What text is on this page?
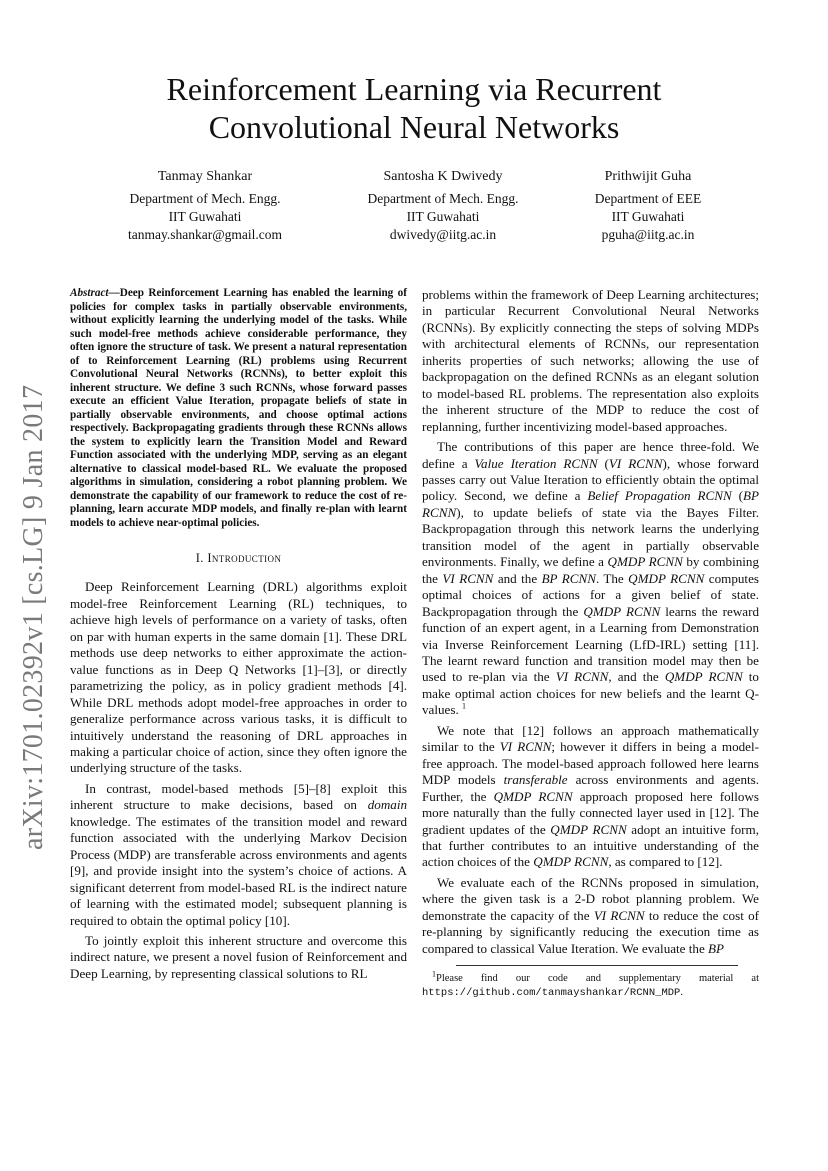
arXiv:1701.02392v1 [cs.LG] 9 Jan 2017
Reinforcement Learning via Recurrent
Convolutional Neural Networks
Tanmay Shankar
Department of Mech. Engg.
IIT Guwahati
tanmay.shankar@gmail.com
Santosha K Dwivedy
Department of Mech. Engg.
IIT Guwahati
dwivedy@iitg.ac.in
Prithwijit Guha
Department of EEE
IIT Guwahati
pguha@iitg.ac.in
Abstract—Deep Reinforcement Learning has enabled the learning of policies for complex tasks in partially observable environments, without explicitly learning the underlying model of the tasks. While such model-free methods achieve considerable performance, they often ignore the structure of task. We present a natural representation of to Reinforcement Learning (RL) problems using Recurrent Convolutional Neural Networks (RCNNs), to better exploit this inherent structure. We define 3 such RCNNs, whose forward passes execute an efficient Value Iteration, propagate beliefs of state in partially observable environments, and choose optimal actions respectively. Backpropagating gradients through these RCNNs allows the system to explicitly learn the Transition Model and Reward Function associated with the underlying MDP, serving as an elegant alternative to classical model-based RL. We evaluate the proposed algorithms in simulation, considering a robot planning problem. We demonstrate the capability of our framework to reduce the cost of re-planning, learn accurate MDP models, and finally re-plan with learnt models to achieve near-optimal policies.
I. Introduction

Deep Reinforcement Learning (DRL) algorithms exploit model-free Reinforcement Learning (RL) techniques, to achieve high levels of performance on a variety of tasks, often on par with human experts in the same domain [1]. These DRL methods use deep networks to either approximate the action-value functions as in Deep Q Networks [1]–[3], or directly parametrizing the policy, as in policy gradient methods [4]. While DRL methods adopt model-free approaches in order to generalize performance across various tasks, it is difficult to intuitively understand the reasoning of DRL approaches in making a particular choice of action, since they often ignore the underlying structure of the tasks.

In contrast, model-based methods [5]–[8] exploit this inherent structure to make decisions, based on domain knowledge. The estimates of the transition model and reward function associated with the underlying Markov Decision Process (MDP) are transferable across environments and agents [9], and provide insight into the system’s choice of actions. A significant deterrent from model-based RL is the indirect nature of learning with the estimated model; subsequent planning is required to obtain the optimal policy [10].

To jointly exploit this inherent structure and overcome this indirect nature, we present a novel fusion of Reinforcement and Deep Learning, by representing classical solutions to RL

problems within the framework of Deep Learning architectures; in particular Recurrent Convolutional Neural Networks (RCNNs). By explicitly connecting the steps of solving MDPs with architectural elements of RCNNs, our representation inherits properties of such networks; allowing the use of backpropagation on the defined RCNNs as an elegant solution to model-based RL problems. The representation also exploits the inherent structure of the MDP to reduce the cost of replanning, further incentivizing model-based approaches.

The contributions of this paper are hence three-fold. We define a Value Iteration RCNN (VI RCNN), whose forward passes carry out Value Iteration to efficiently obtain the optimal policy. Second, we define a Belief Propagation RCNN (BP RCNN), to update beliefs of state via the Bayes Filter. Backpropagation through this network learns the underlying transition model of the agent in partially observable environments. Finally, we define a QMDP RCNN by combining the VI RCNN and the BP RCNN. The QMDP RCNN computes optimal choices of actions for a given belief of state. Backpropagation through the QMDP RCNN learns the reward function of an expert agent, in a Learning from Demonstration via Inverse Reinforcement Learning (LfD-IRL) setting [11]. The learnt reward function and transition model may then be used to re-plan via the VI RCNN, and the QMDP RCNN to make optimal action choices for new beliefs and the learnt Q-values. $^1$

We note that [12] follows an approach mathematically similar to the VI RCNN; however it differs in being a model-free approach. The model-based approach followed here learns MDP models transferable across environments and agents. Further, the QMDP RCNN approach proposed here follows more naturally than the fully connected layer used in [12]. The gradient updates of the QMDP RCNN adopt an intuitive form, that further contributes to an intuitive understanding of the action choices of the QMDP RCNN, as compared to [12].

We evaluate each of the RCNNs proposed in simulation, where the given task is a 2-D robot planning problem. We demonstrate the capacity of the VI RCNN to reduce the cost of re-planning by significantly reducing the execution time as compared to classical Value Iteration. We evaluate the BP

$^1$Please find our code and supplementary material at https://github.com/tanmayshankar/RCNN_MDP.
